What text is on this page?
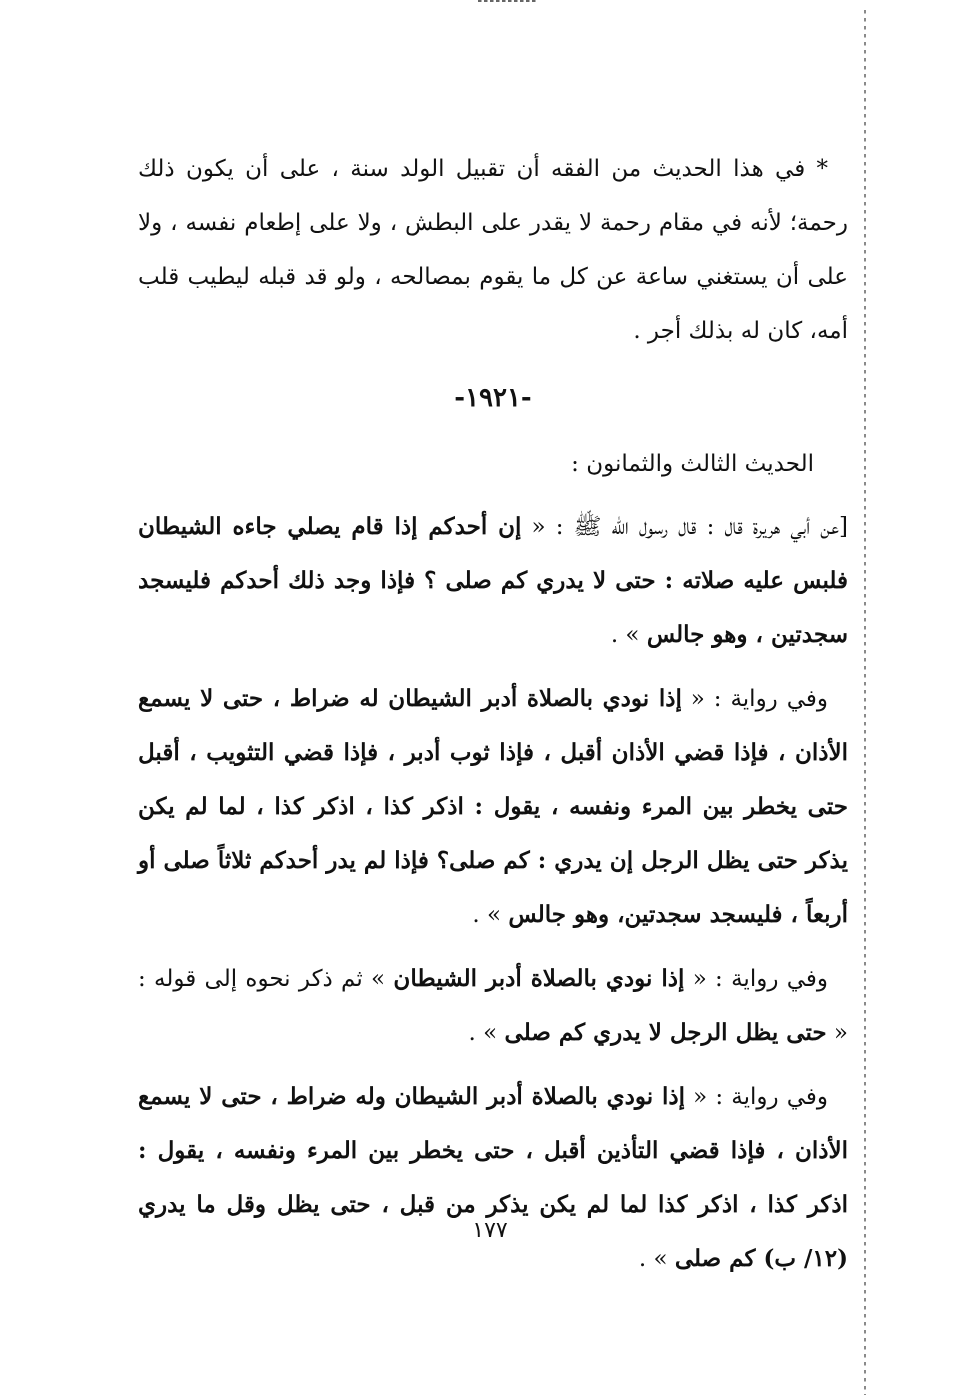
* في هذا الحديث من الفقه أن تقبيل الولد سنة ، على أن يكون ذلك رحمة؛ لأنه في مقام رحمة لا يقدر على البطش ، ولا على إطعام نفسه ، ولا على أن يستغني ساعة عن كل ما يقوم بمصالحه ، ولو قد قبله ليطيب قلب أمه، كان له بذلك أجر .

-١٩٢١-
الحديث الثالث والثمانون :

[عن أبي هريرة قال : قال رسول الله ﷺ : « إن أحدكم إذا قام يصلي جاءه الشيطان فلبس عليه صلاته : حتى لا يدري كم صلى ؟ فإذا وجد ذلك أحدكم فليسجد سجدتين ، وهو جالس » .

وفي رواية : « إذا نودي بالصلاة أدبر الشيطان له ضراط ، حتى لا يسمع الأذان ، فإذا قضي الأذان أقبل ، فإذا ثوب أدبر ، فإذا قضي التثويب ، أقبل حتى يخطر بين المرء ونفسه ، يقول : اذكر كذا ، اذكر كذا ، لما لم يكن يذكر حتى يظل الرجل إن يدري : كم صلى؟ فإذا لم يدر أحدكم ثلاثاً صلى أو أربعاً ، فليسجد سجدتين، وهو جالس » .

وفي رواية : « إذا نودي بالصلاة أدبر الشيطان » ثم ذكر نحوه إلى قوله : « حتى يظل الرجل لا يدري كم صلى » .

وفي رواية : « إذا نودي بالصلاة أدبر الشيطان وله ضراط ، حتى لا يسمع الأذان ، فإذا قضي التأذين أقبل ، حتى يخطر بين المرء ونفسه ، يقول : اذكر كذا ، اذكر كذا لما لم يكن يذكر من قبل ، حتى يظل وقل ما يدري (١٢/ ب) كم صلى » .

١٧٧
